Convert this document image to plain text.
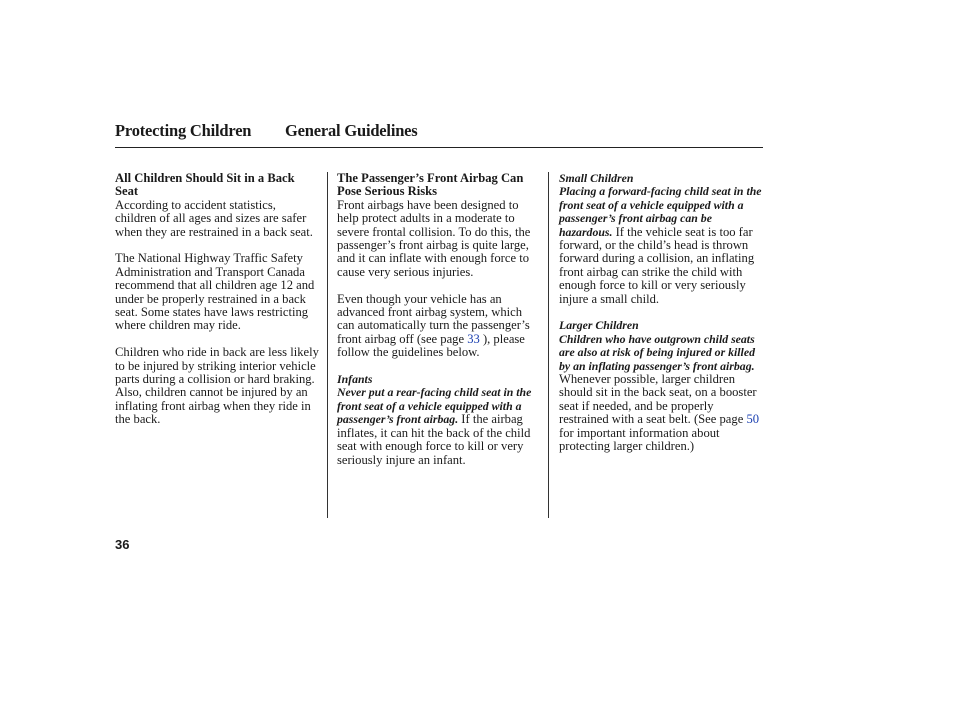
Protecting Children General Guidelines
All Children Should Sit in a Back Seat

According to accident statistics, children of all ages and sizes are safer when they are restrained in a back seat.

The National Highway Traffic Safety Administration and Transport Canada recommend that all children age 12 and under be properly restrained in a back seat. Some states have laws restricting where children may ride.

Children who ride in back are less likely to be injured by striking interior vehicle parts during a collision or hard braking. Also, children cannot be injured by an inflating front airbag when they ride in the back.

The Passenger’s Front Airbag Can Pose Serious Risks

Front airbags have been designed to help protect adults in a moderate to severe frontal collision. To do this, the passenger’s front airbag is quite large, and it can inflate with enough force to cause very serious injuries.

Even though your vehicle has an advanced front airbag system, which can automatically turn the passenger’s front airbag off (see page 33 ), please follow the guidelines below.

Infants

Never put a rear-facing child seat in the front seat of a vehicle equipped with a passenger’s front airbag. If the airbag inflates, it can hit the back of the child seat with enough force to kill or very seriously injure an infant.

Small Children

Placing a forward-facing child seat in the front seat of a vehicle equipped with a passenger’s front airbag can be hazardous. If the vehicle seat is too far forward, or the child’s head is thrown forward during a collision, an inflating front airbag can strike the child with enough force to kill or very seriously injure a small child.

Larger Children

Children who have outgrown child seats are also at risk of being injured or killed by an inflating passenger’s front airbag. Whenever possible, larger children should sit in the back seat, on a booster seat if needed, and be properly restrained with a seat belt. (See page 50 for important information about protecting larger children.)

36
